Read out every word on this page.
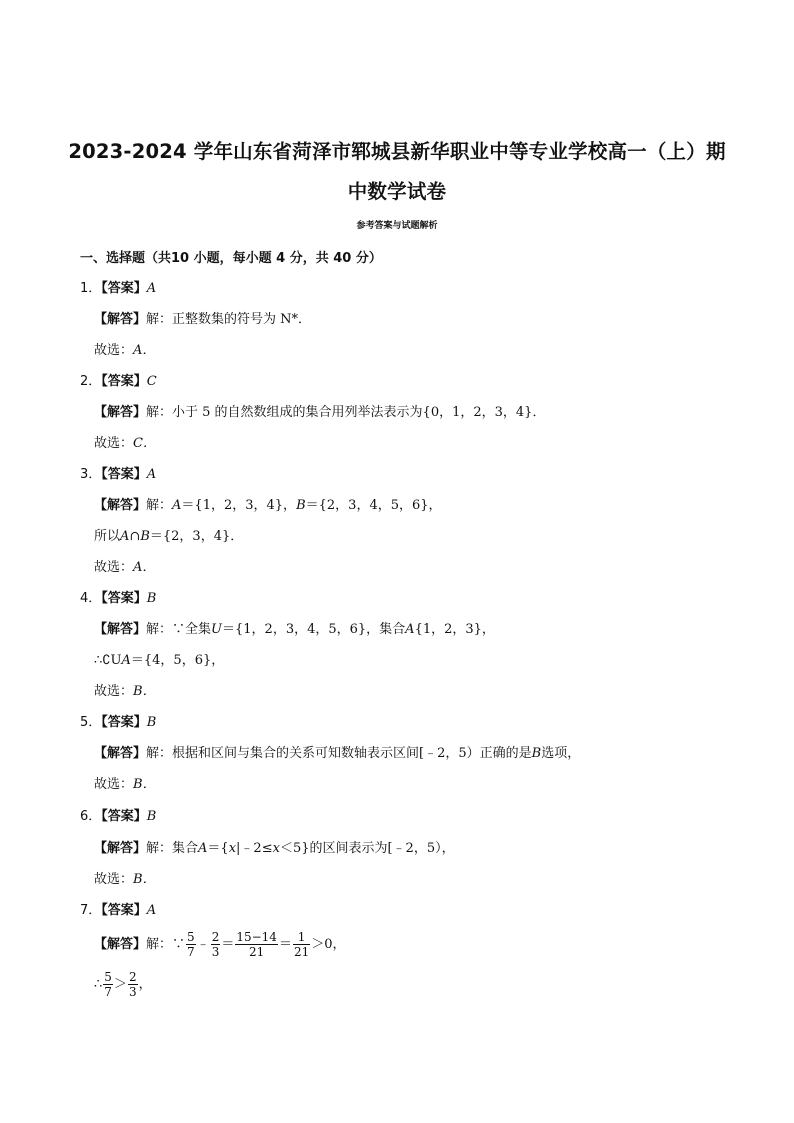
2023-2024 学年山东省菏泽市郓城县新华职业中等专业学校高一（上）期
中数学试卷
参考答案与试题解析
一、选择题（共10 小题，每小题 4 分，共 40 分）
1．【答案】A
【解答】解：正整数集的符号为 N*．
故选：A．
2．【答案】C
【解答】解：小于 5 的自然数组成的集合用列举法表示为{0，1，2，3，4}．
故选：C．
3．【答案】A
【解答】解：A＝{1，2，3，4}，B＝{2，3，4，5，6}，
所以A∩B＝{2，3，4}．
故选：A．
4．【答案】B
【解答】解：∵全集U＝{1，2，3，4，5，6}，集合A{1，2，3}，
∴∁UA＝{4，5，6}，
故选：B．
5．【答案】B
【解答】解：根据和区间与集合的关系可知数轴表示区间[﹣2，5）正确的是B选项，
故选：B．
6．【答案】B
【解答】解：集合A＝{x|﹣2≤x＜5}的区间表示为[﹣2，5），
故选：B．
7．【答案】A
【解答】解：∵ $\frac{5}{7}$ ﹣ $\frac{2}{3} = \frac{15-14}{21} = \frac{1}{21} >0$，
∴ $\frac{5}{7} > \frac{2}{3}$ ，
